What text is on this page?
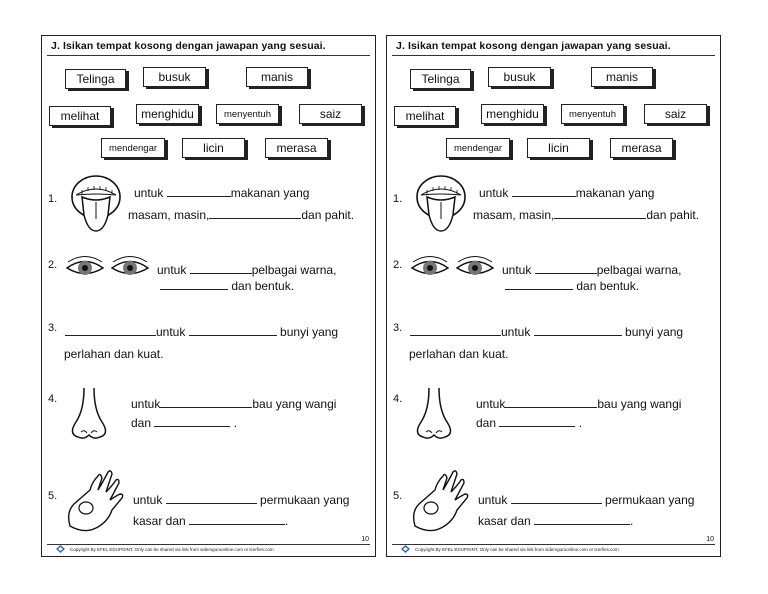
J. Isikan tempat kosong dengan jawapan yang sesuai.
Telinga	busuk	manis
melihat	menghidu	menyentuh	saiz
mendengar	licin	merasa
1.	untuk	makanan yang
masam, masin,	dan pahit.
2.	untuk	pelbagai warna,
dan bentuk.
3.	untuk	bunyi yang
perlahan dan kuat.
4.	untuk	bau yang wangi
dan	.
5.	untuk	permukaan yang
kasar dan	.
10
Copyright By EFEL EDUPOINT. Only can be shared via link from sidemguruonline.com or tcerfies.com
J. Isikan tempat kosong dengan jawapan yang sesuai.
Telinga	busuk	manis
melihat	menghidu	menyentuh	saiz
mendengar	licin	merasa
1.	untuk	makanan yang
masam, masin,	dan pahit.
2.	untuk	pelbagai warna,
dan bentuk.
3.	untuk	bunyi yang
perlahan dan kuat.
4.	untuk	bau yang wangi
dan	.
5.	untuk	permukaan yang
kasar dan	.
10
Copyright By EFEL EDUPOINT. Only can be shared via link from sidemguruonline.com or tcerfies.com
